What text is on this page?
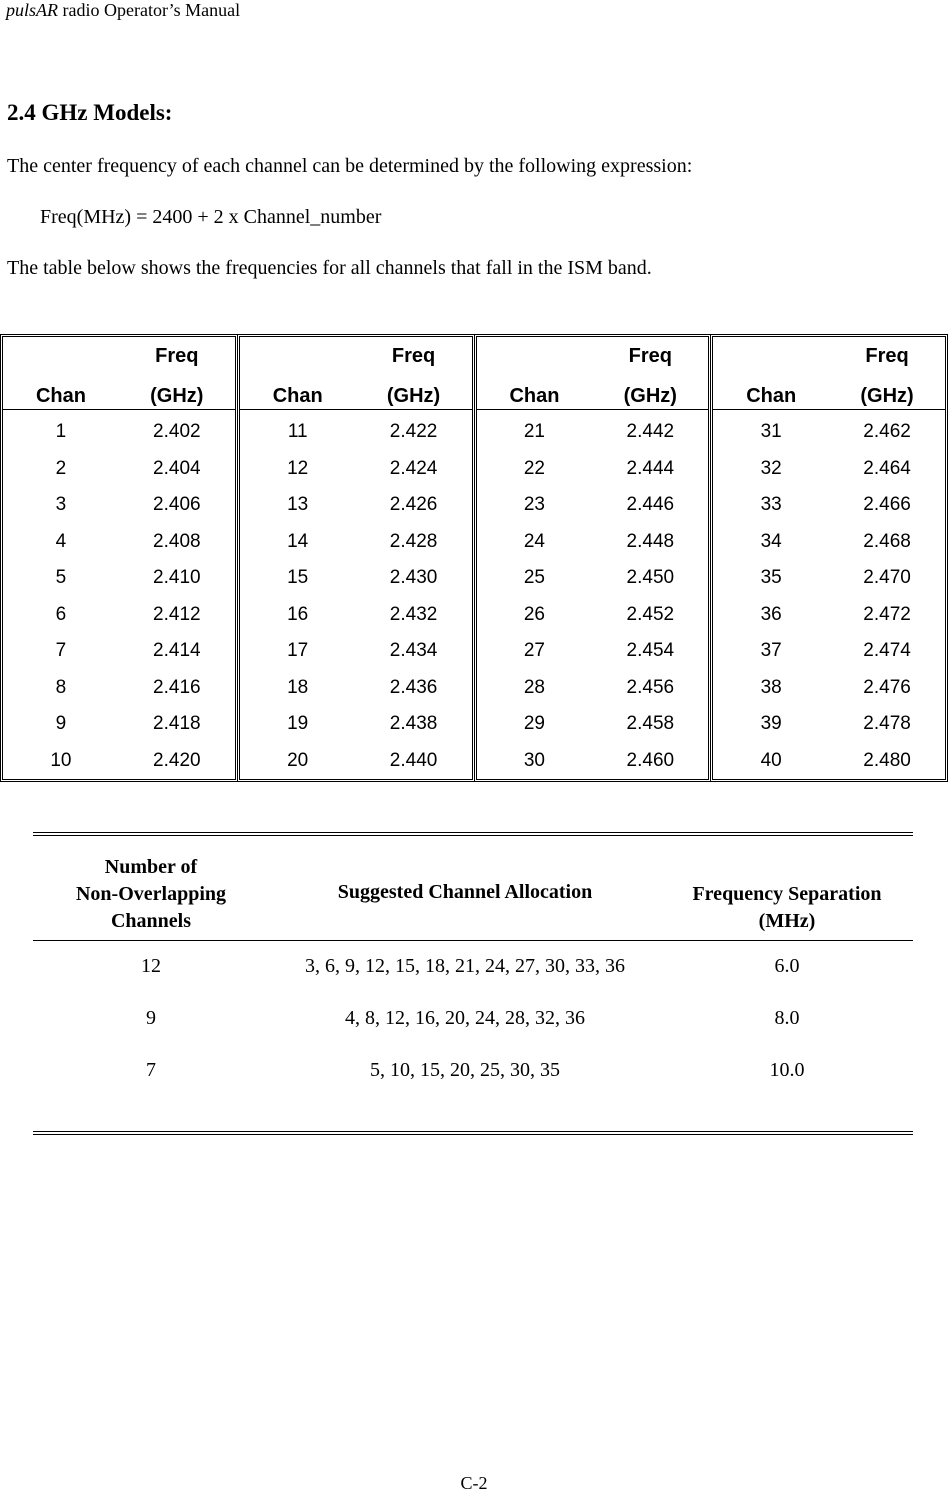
pulsAR radio Operator’s Manual
2.4 GHz Models:
The center frequency of each channel can be determined by the following expression:
Freq(MHz) = 2400 + 2 x Channel_number
The table below shows the frequencies for all channels that fall in the ISM band.
Chan
Freq
(GHz)
1	2.402
2	2.404
3	2.406
4	2.408
5	2.410
6	2.412
7	2.414
8	2.416
9	2.418
10	2.420
Chan
Freq
(GHz)
11	2.422
12	2.424
13	2.426
14	2.428
15	2.430
16	2.432
17	2.434
18	2.436
19	2.438
20	2.440
Chan
Freq
(GHz)
21	2.442
22	2.444
23	2.446
24	2.448
25	2.450
26	2.452
27	2.454
28	2.456
29	2.458
30	2.460
Chan
Freq
(GHz)
31	2.462
32	2.464
33	2.466
34	2.468
35	2.470
36	2.472
37	2.474
38	2.476
39	2.478
40	2.480
Number of
Non-Overlapping
Channels
Suggested Channel Allocation	Frequency Separation
(MHz)
12	3, 6, 9, 12, 15, 18, 21, 24, 27, 30, 33, 36	6.0
9	4, 8, 12, 16, 20, 24, 28, 32, 36	8.0
7	5, 10, 15, 20, 25, 30, 35	10.0
C-2
